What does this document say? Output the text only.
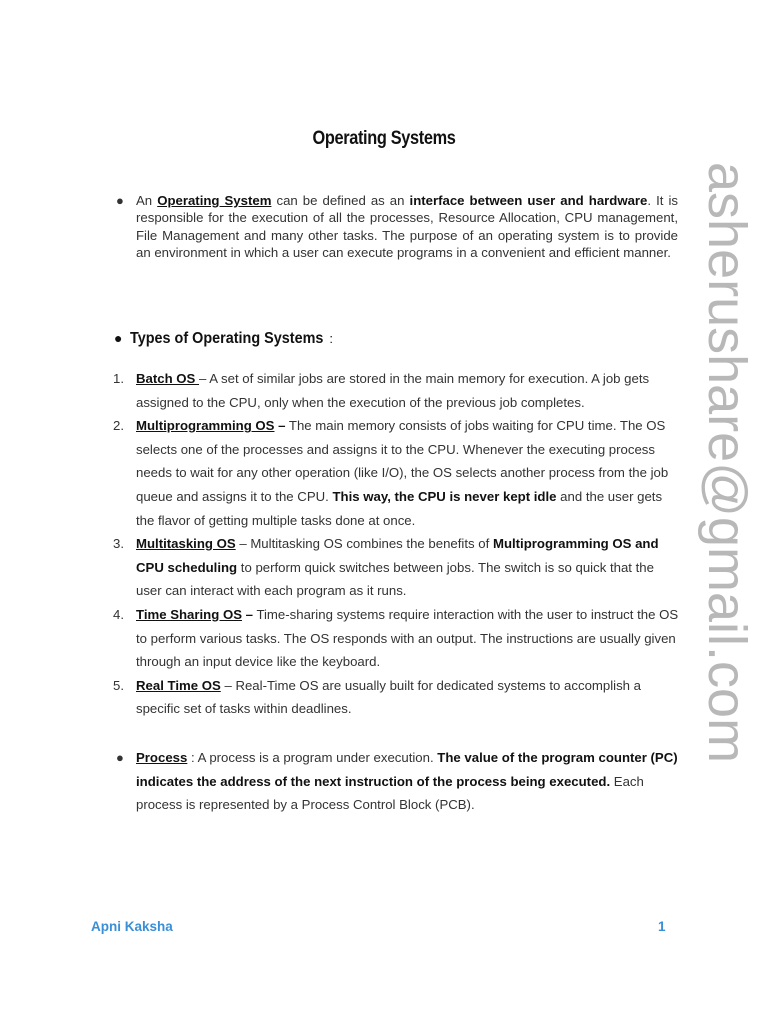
Operating Systems
● An Operating System can be defined as an interface between user and hardware. It is responsible for the execution of all the processes, Resource Allocation, CPU management, File Management and many other tasks. The purpose of an operating system is to provide an environment in which a user can execute programs in a convenient and efficient manner.
● Types of Operating Systems :
1. Batch OS – A set of similar jobs are stored in the main memory for execution. A job gets assigned to the CPU, only when the execution of the previous job completes.
2. Multiprogramming OS – The main memory consists of jobs waiting for CPU time. The OS selects one of the processes and assigns it to the CPU. Whenever the executing process needs to wait for any other operation (like I/O), the OS selects another process from the job queue and assigns it to the CPU. This way, the CPU is never kept idle and the user gets the flavor of getting multiple tasks done at once.
3. Multitasking OS – Multitasking OS combines the benefits of Multiprogramming OS and CPU scheduling to perform quick switches between jobs. The switch is so quick that the user can interact with each program as it runs.
4. Time Sharing OS – Time-sharing systems require interaction with the user to instruct the OS to perform various tasks. The OS responds with an output. The instructions are usually given through an input device like the keyboard.
5. Real Time OS – Real-Time OS are usually built for dedicated systems to accomplish a specific set of tasks within deadlines.
● Process : A process is a program under execution. The value of the program counter (PC) indicates the address of the next instruction of the process being executed. Each process is represented by a Process Control Block (PCB).
asherushare@gmail.com
Apni Kaksha	1
